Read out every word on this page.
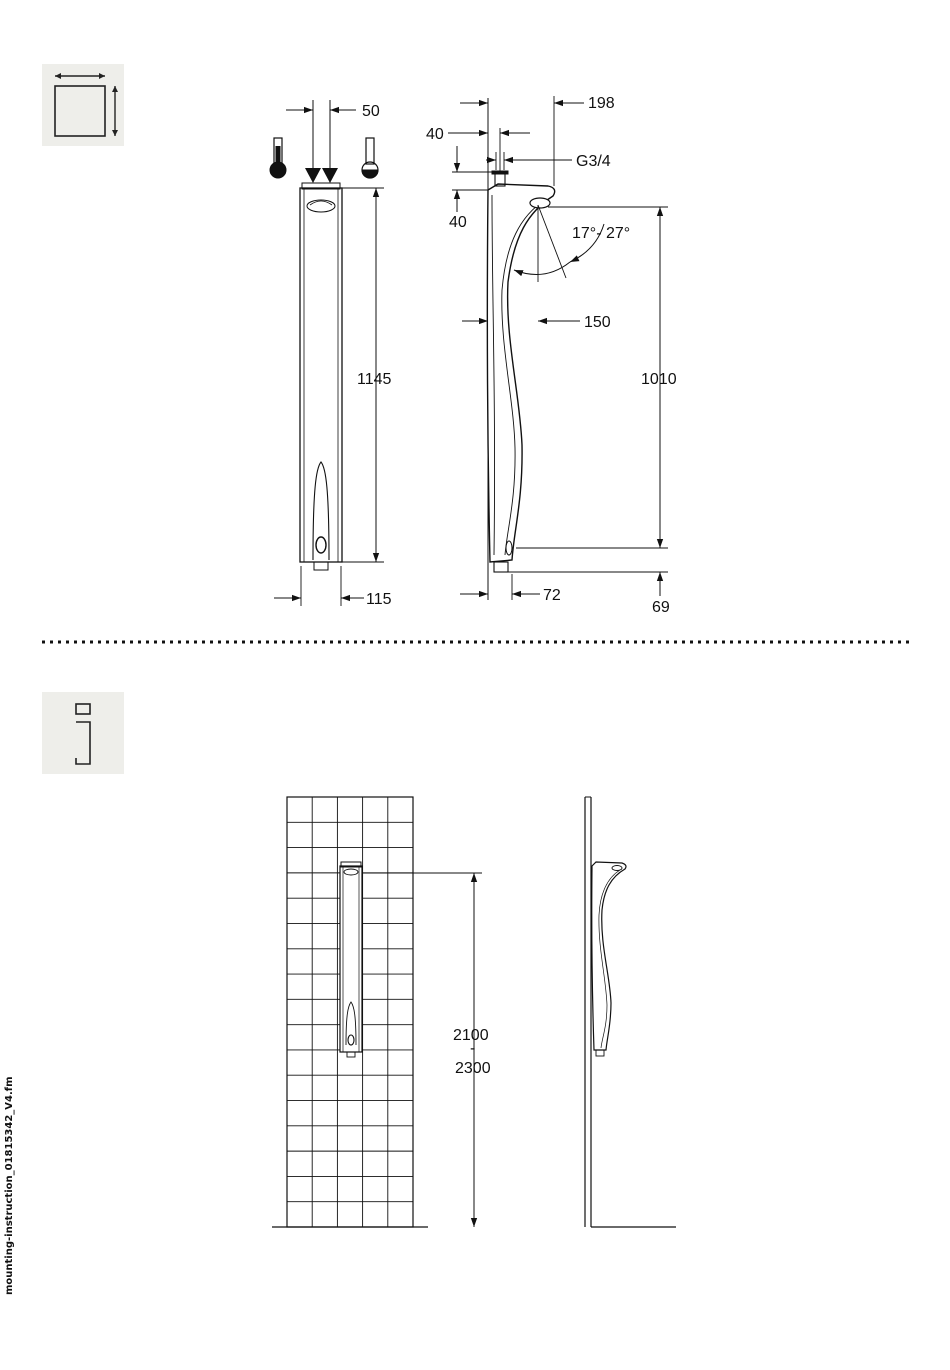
50	198
40
G3/4
40
17°- 27°
150
1145	1010
115	72
69
2100
-
2300
mounting-instruction_01815342_V4.fm
